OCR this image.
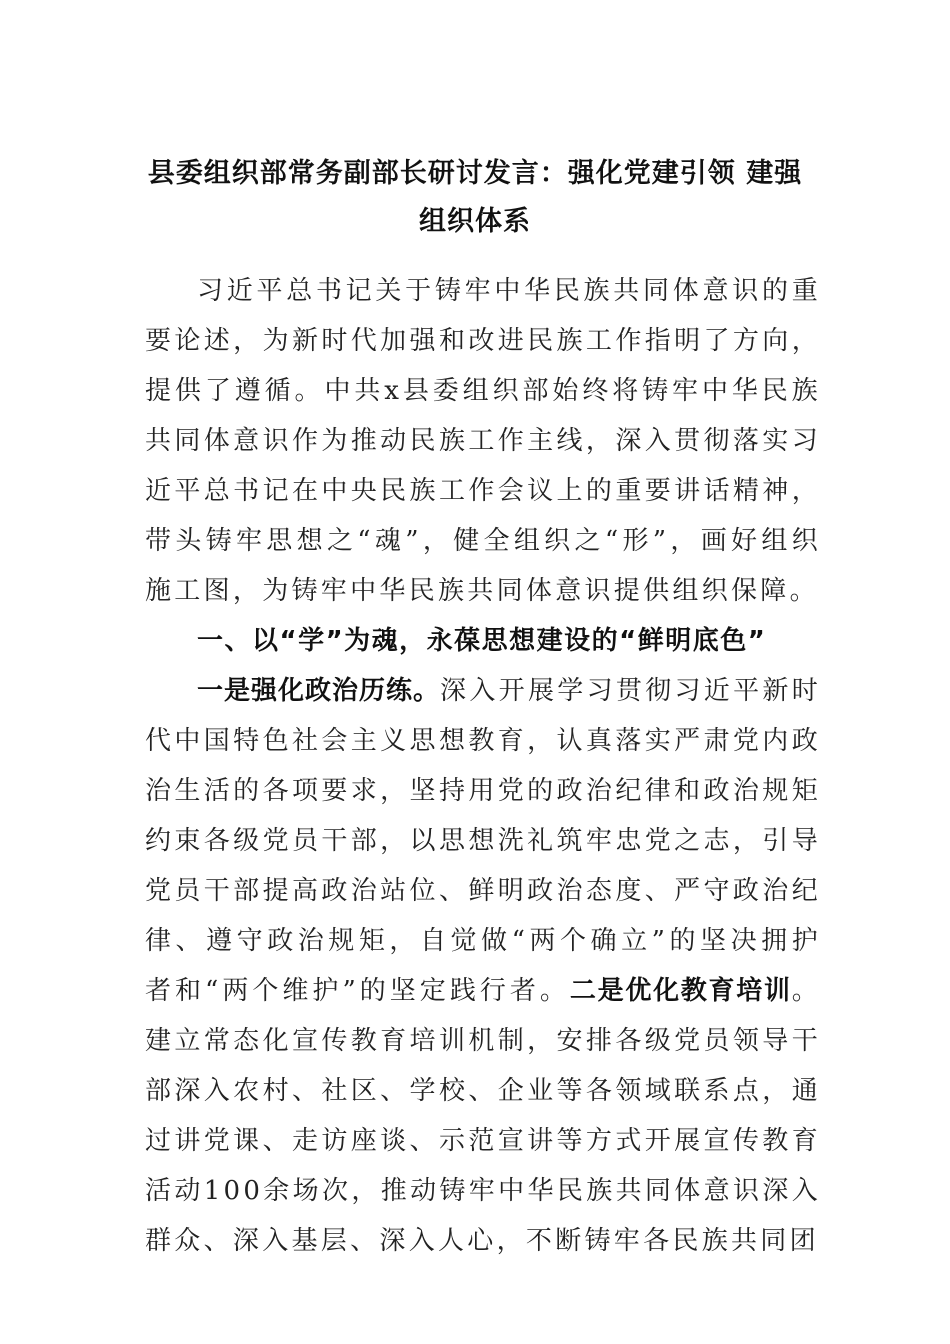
县委组织部常务副部长研讨发言：强化党建引领 建强组织体系

习近平总书记关于铸牢中华民族共同体意识的重要论述，为新时代加强和改进民族工作指明了方向，提供了遵循。中共x县委组织部始终将铸牢中华民族共同体意识作为推动民族工作主线，深入贯彻落实习近平总书记在中央民族工作会议上的重要讲话精神，带头铸牢思想之“魂”，健全组织之“形”，画好组织施工图，为铸牢中华民族共同体意识提供组织保障。

一、以“学”为魂，永葆思想建设的“鲜明底色”

一是强化政治历练。深入开展学习贯彻习近平新时代中国特色社会主义思想教育，认真落实严肃党内政治生活的各项要求，坚持用党的政治纪律和政治规矩约束各级党员干部，以思想洗礼筑牢忠党之志，引导党员干部提高政治站位、鲜明政治态度、严守政治纪律、遵守政治规矩，自觉做“两个确立”的坚决拥护者和“两个维护”的坚定践行者。二是优化教育培训。建立常态化宣传教育培训机制，安排各级党员领导干部深入农村、社区、学校、企业等各领域联系点，通过讲党课、走访座谈、示范宣讲等方式开展宣传教育活动100余场次，推动铸牢中华民族共同体意识深入群众、深入基层、深入人心，不断铸牢各民族共同团
